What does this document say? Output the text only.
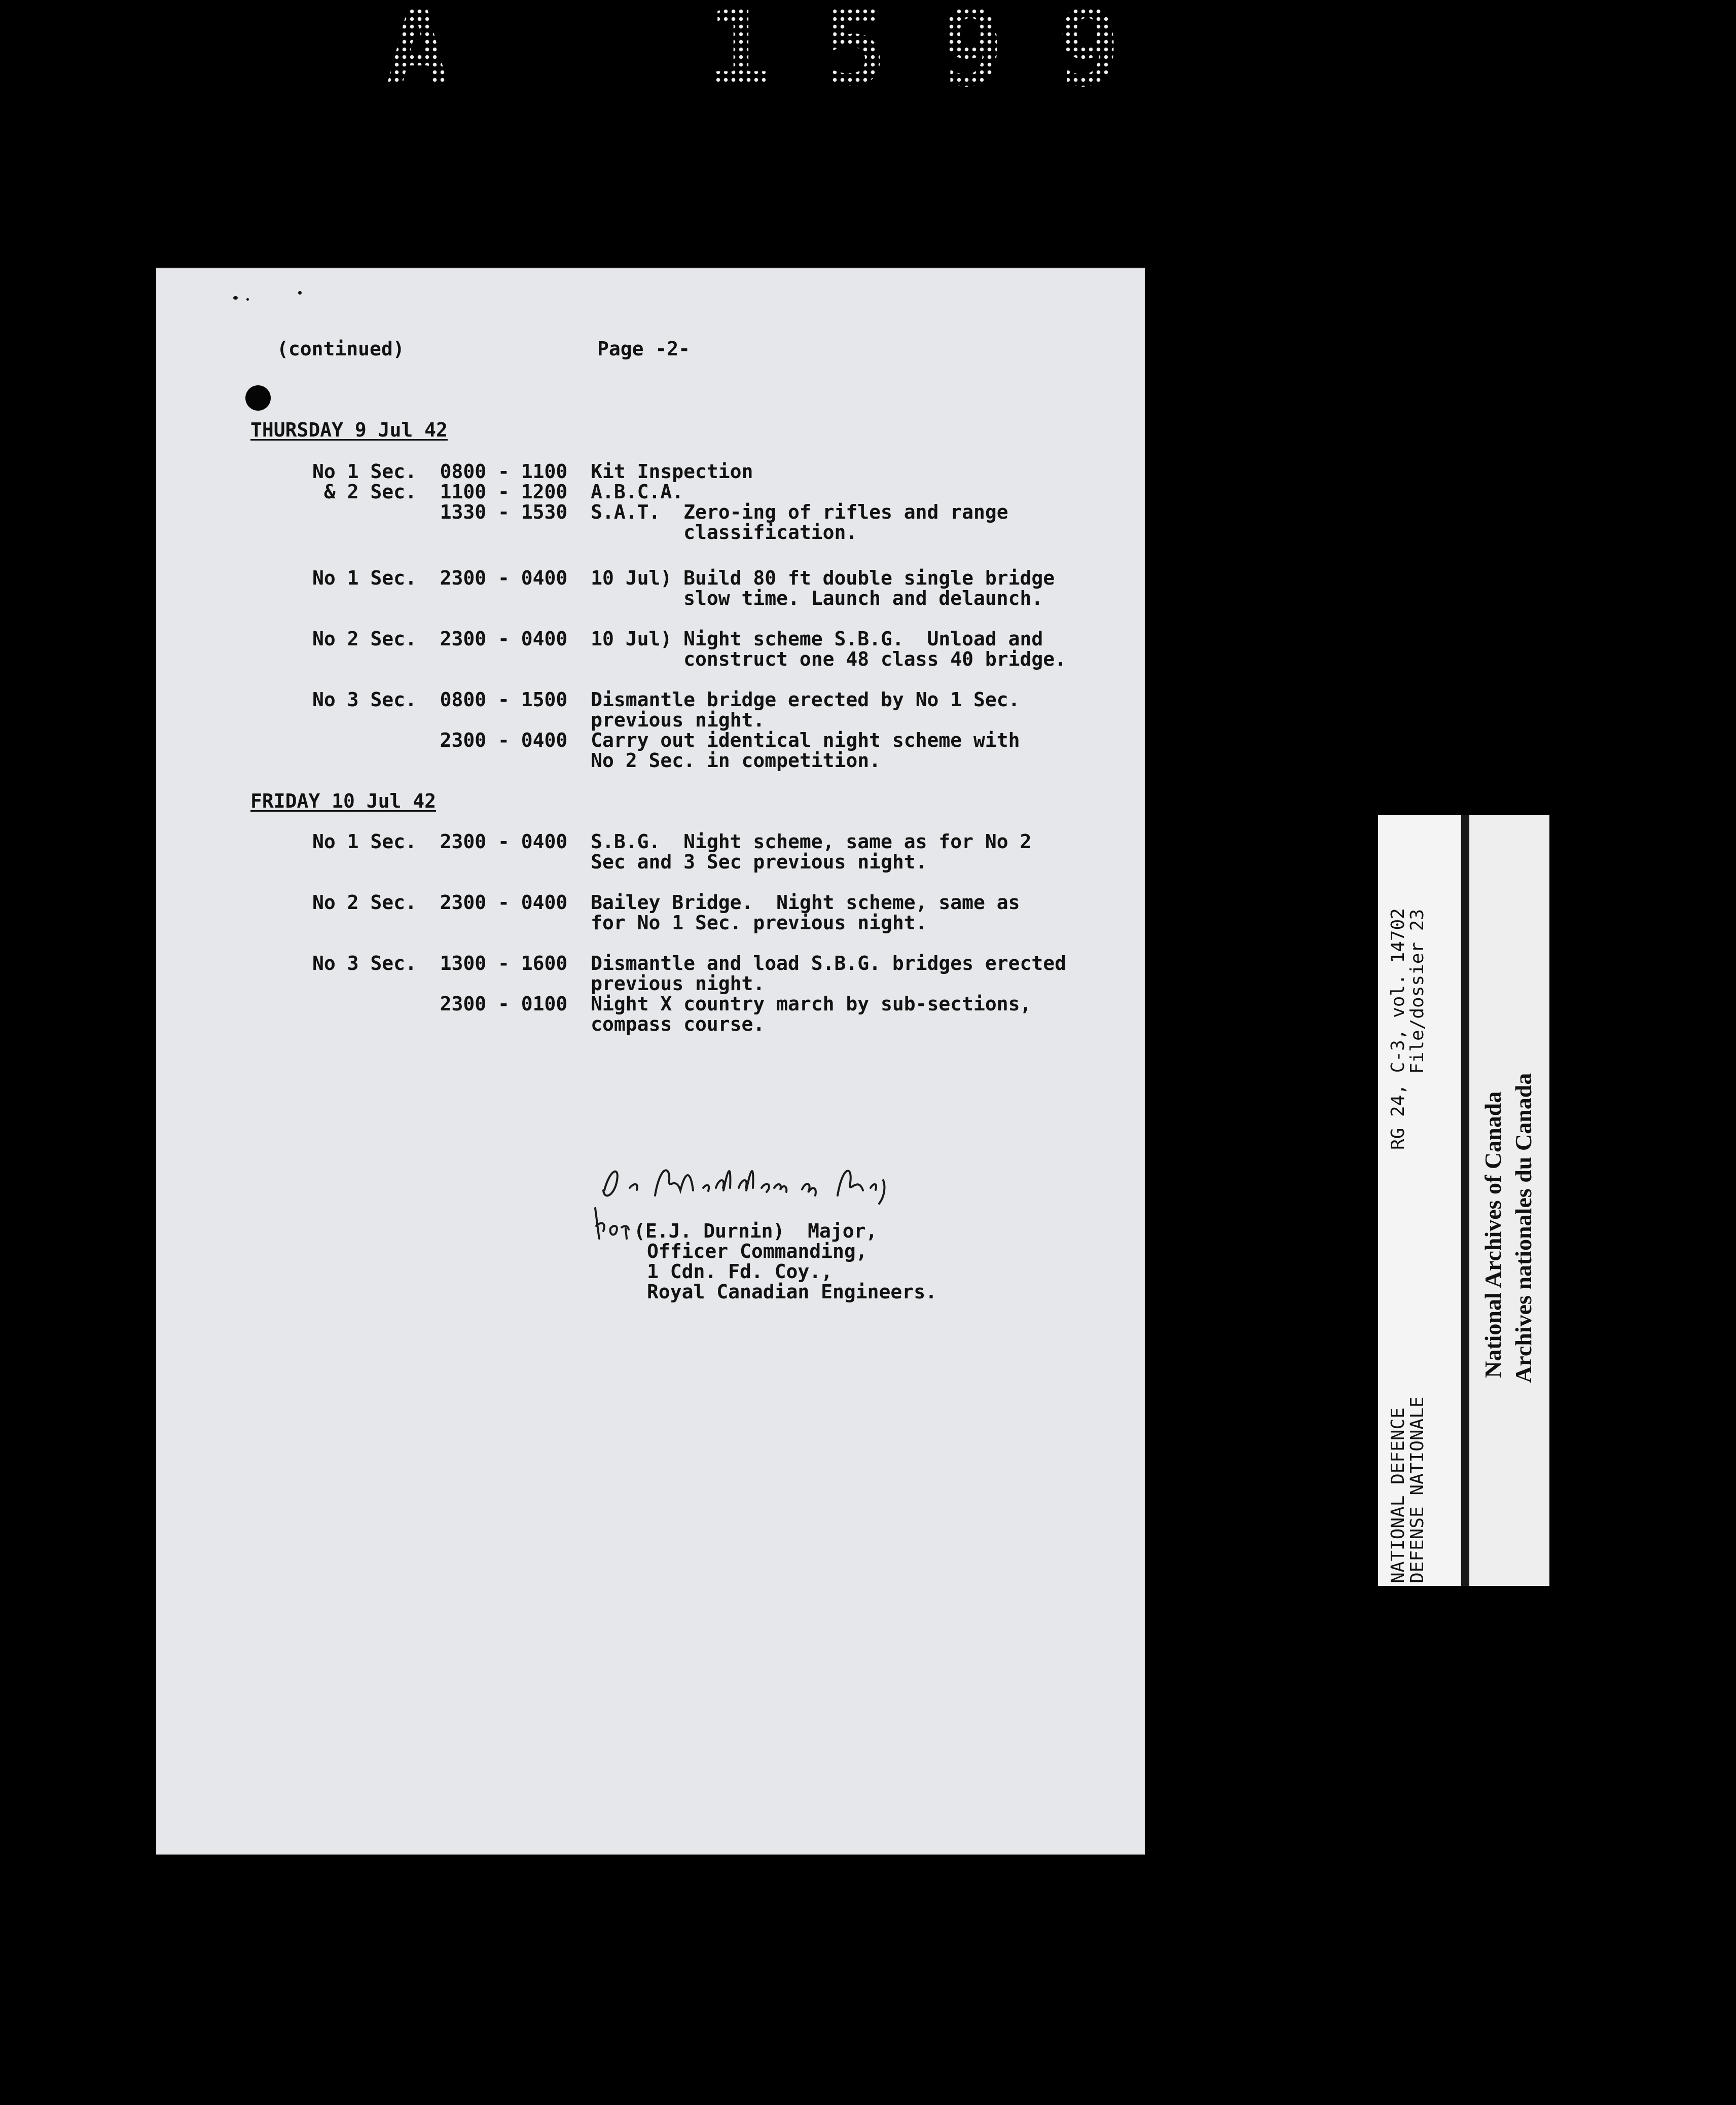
A 1 5 9 9
(continued)	Page -2-
THURSDAY 9 Jul 42
No 1 Sec.  0800 - 1100  Kit Inspection
& 2 Sec.  1100 - 1200  A.B.C.A.
1330 - 1530  S.A.T.  Zero-ing of rifles and range
classification.
No 1 Sec.  2300 - 0400  10 Jul) Build 80 ft double single bridge
slow time. Launch and delaunch.
No 2 Sec.  2300 - 0400  10 Jul) Night scheme S.B.G.  Unload and
construct one 48 class 40 bridge.
No 3 Sec.  0800 - 1500  Dismantle bridge erected by No 1 Sec.
previous night.
2300 - 0400  Carry out identical night scheme with
No 2 Sec. in competition.
FRIDAY 10 Jul 42
No 1 Sec.  2300 - 0400  S.B.G.  Night scheme, same as for No 2
Sec and 3 Sec previous night.
No 2 Sec.  2300 - 0400  Bailey Bridge.  Night scheme, same as
for No 1 Sec. previous night.
No 3 Sec.  1300 - 1600  Dismantle and load S.B.G. bridges erected
previous night.
2300 - 0100  Night X country march by sub-sections,
compass course.
(E.J. Durnin)  Major,
Officer Commanding,
1 Cdn. Fd. Coy.,
Royal Canadian Engineers.
RG 24, C-3, vol. 14702
File/dossier 23
NATIONAL DEFENCE
DEFENSE NATIONALE
National Archives of Canada Archives nationales du Canada
